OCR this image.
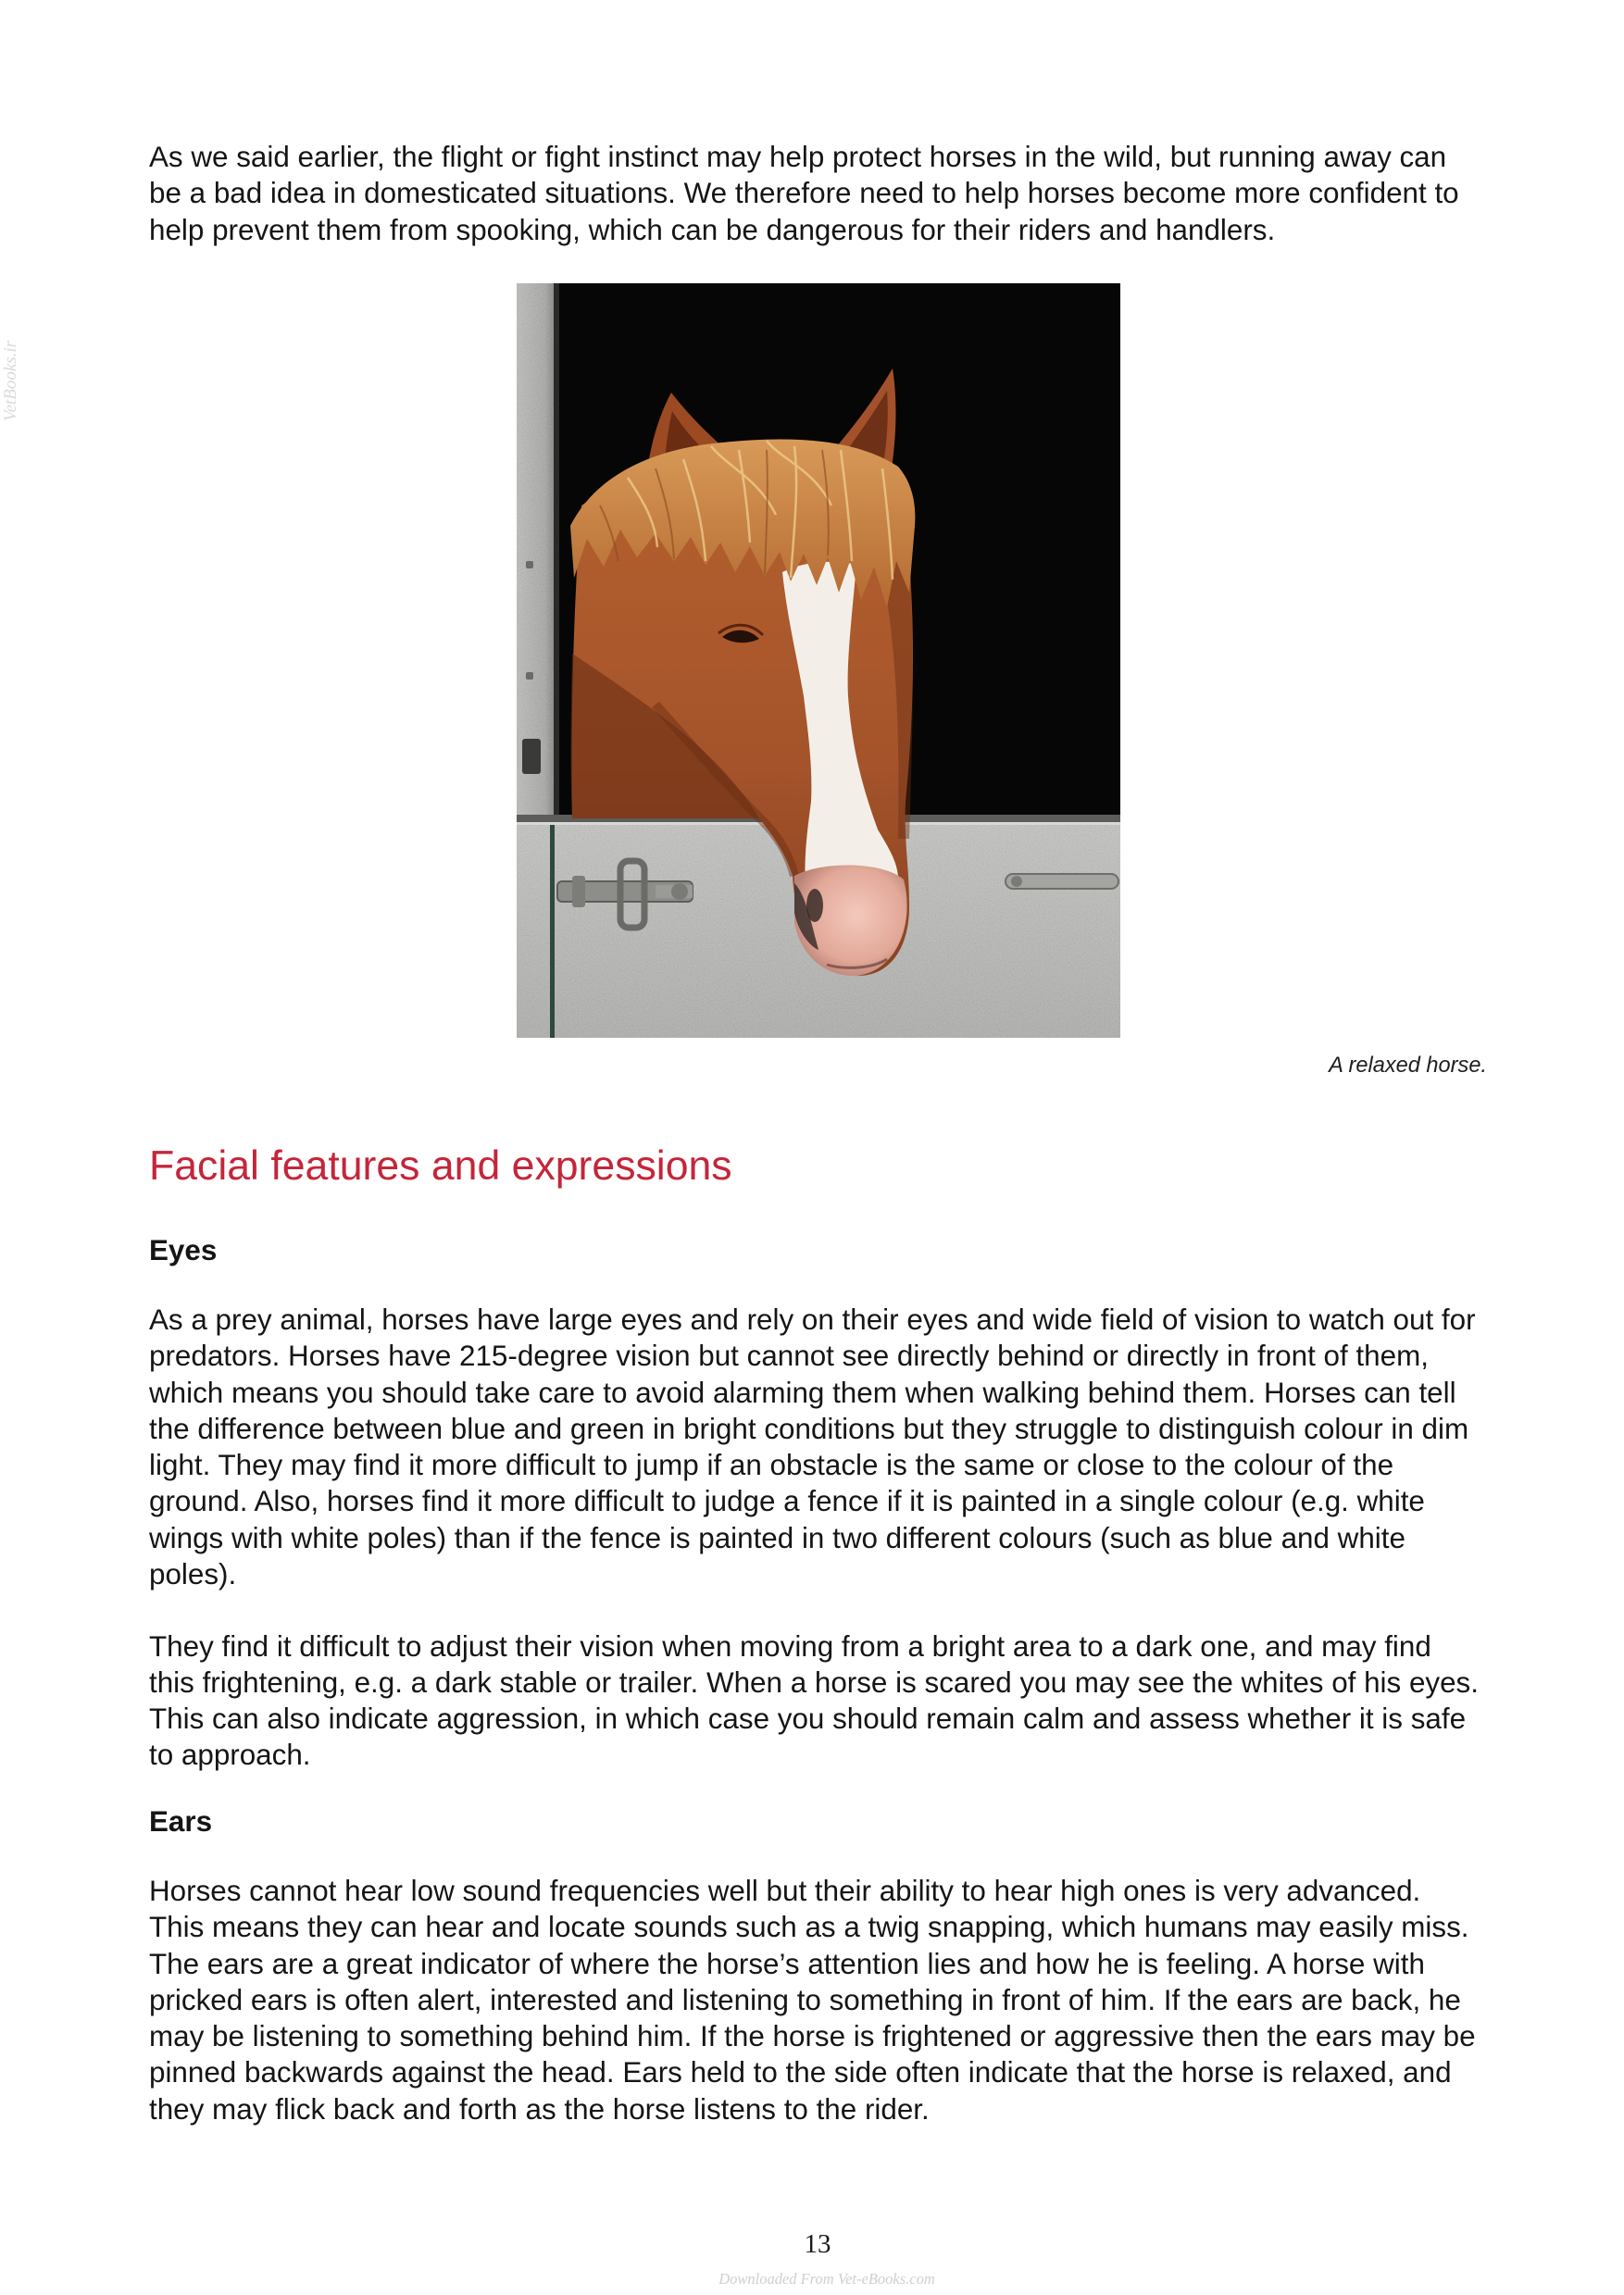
VetBooks.ir
As we said earlier, the flight or fight instinct may help protect horses in the wild, but running away can
be a bad idea in domesticated situations. We therefore need to help horses become more confident to
help prevent them from spooking, which can be dangerous for their riders and handlers.
A relaxed horse.
Facial features and expressions
Eyes
As a prey animal, horses have large eyes and rely on their eyes and wide field of vision to watch out for
predators. Horses have 215-degree vision but cannot see directly behind or directly in front of them,
which means you should take care to avoid alarming them when walking behind them. Horses can tell
the difference between blue and green in bright conditions but they struggle to distinguish colour in dim
light. They may find it more difficult to jump if an obstacle is the same or close to the colour of the
ground. Also, horses find it more difficult to judge a fence if it is painted in a single colour (e.g. white
wings with white poles) than if the fence is painted in two different colours (such as blue and white
poles).
They find it difficult to adjust their vision when moving from a bright area to a dark one, and may find
this frightening, e.g. a dark stable or trailer. When a horse is scared you may see the whites of his eyes.
This can also indicate aggression, in which case you should remain calm and assess whether it is safe
to approach.
Ears
Horses cannot hear low sound frequencies well but their ability to hear high ones is very advanced.
This means they can hear and locate sounds such as a twig snapping, which humans may easily miss.
The ears are a great indicator of where the horse’s attention lies and how he is feeling. A horse with
pricked ears is often alert, interested and listening to something in front of him. If the ears are back, he
may be listening to something behind him. If the horse is frightened or aggressive then the ears may be
pinned backwards against the head. Ears held to the side often indicate that the horse is relaxed, and
they may flick back and forth as the horse listens to the rider.
13
Downloaded From Vet-eBooks.com
